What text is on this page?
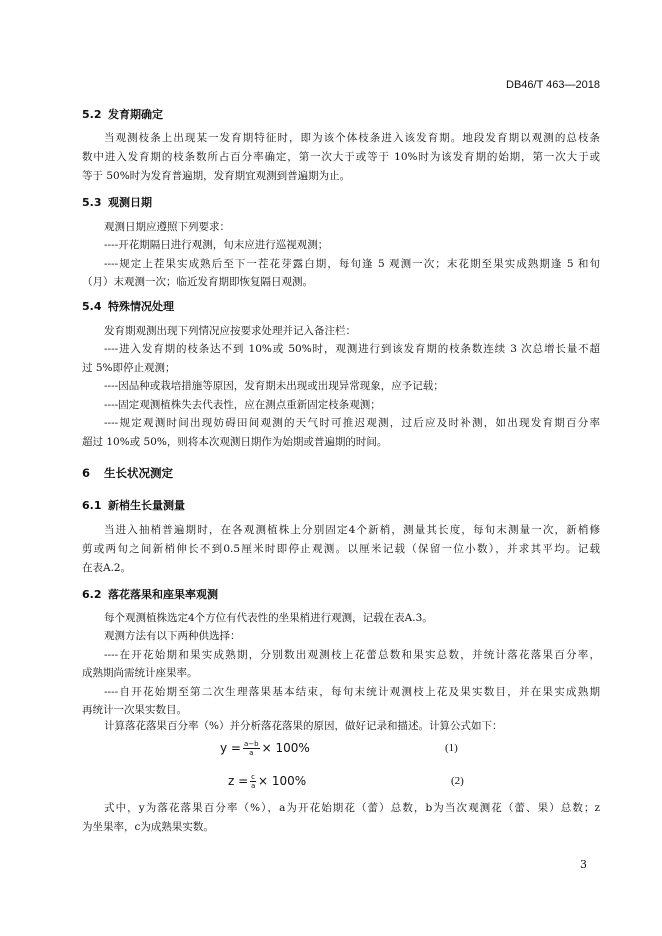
DB46/T 463—2018
5.2 发育期确定
当观测枝条上出现某一发育期特征时，即为该个体枝条进入该发育期。地段发育期以观测的总枝条
数中进入发育期的枝条数所占百分率确定，第一次大于或等于 10%时为该发育期的始期，第一次大于或
等于 50%时为发育普遍期，发育期宜观测到普遍期为止。
5.3 观测日期
观测日期应遵照下列要求：
----开花期隔日进行观测，旬末应进行巡视观测；
----规定上茬果实成熟后至下一茬花芽露白期，每旬逢 5 观测一次；末花期至果实成熟期逢 5 和旬
（月）末观测一次；临近发育期即恢复隔日观测。
5.4 特殊情况处理
发育期观测出现下列情况应按要求处理并记入备注栏：
----进入发育期的枝条达不到 10%或 50%时，观测进行到该发育期的枝条数连续 3 次总增长量不超
过 5%即停止观测；
----因品种或栽培措施等原因，发育期未出现或出现异常现象，应予记载；
----固定观测植株失去代表性，应在测点重新固定枝条观测；
----规定观测时间出现妨碍田间观测的天气时可推迟观测，过后应及时补测，如出现发育期百分率
超过 10%或 50%，则将本次观测日期作为始期或普遍期的时间。
6 生长状况测定
6.1 新梢生长量测量
当进入抽梢普遍期时，在各观测植株上分别固定4个新梢，测量其长度，每旬末测量一次，新梢修
剪或两旬之间新梢伸长不到0.5厘米时即停止观测。以厘米记载（保留一位小数），并求其平均。记载
在表A.2。
6.2 落花落果和座果率观测
每个观测植株选定4个方位有代表性的坐果梢进行观测，记载在表A.3。
观测方法有以下两种供选择：
----在开花始期和果实成熟期，分别数出观测枝上花蕾总数和果实总数，并统计落花落果百分率，
成熟期尚需统计座果率。
----自开花始期至第二次生理落果基本结束，每旬末统计观测枝上花及果实数目，并在果实成熟期
再统计一次果实数目。
计算落花落果百分率（%）并分析落花落果的原因，做好记录和描述。计算公式如下：
$y = \frac{a-b}{a} \times 100\%$	(1)
$z = \frac{c}{a} \times 100\%$	(2)
式中，y为落花落果百分率（%），a为开花始期花（蕾）总数，b为当次观测花（蕾、果）总数；z
为坐果率，c为成熟果实数。
3
